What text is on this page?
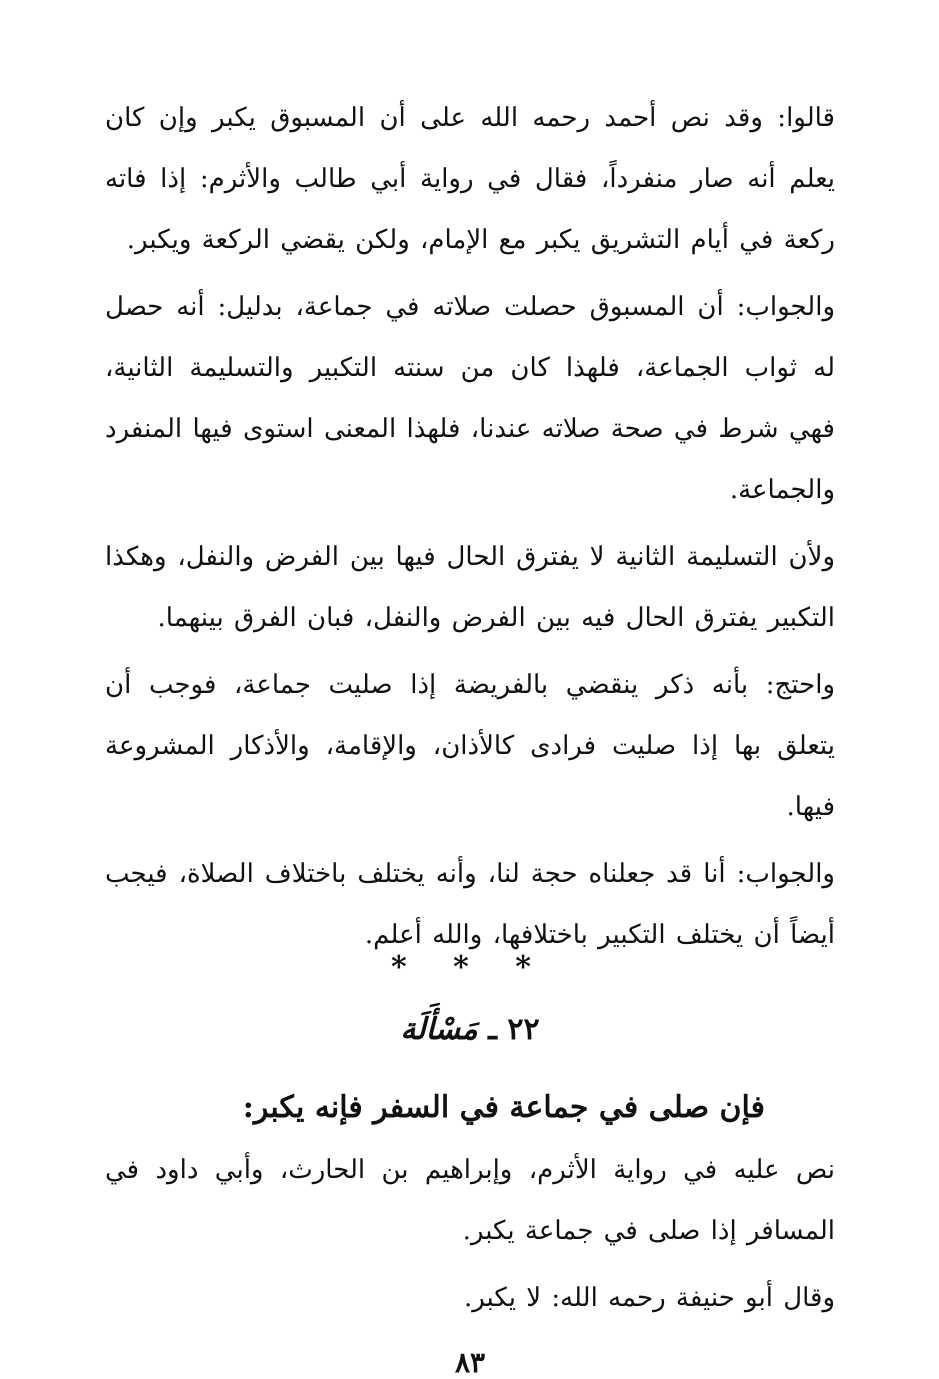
قالوا: وقد نص أحمد رحمه الله على أن المسبوق يكبر وإن كان يعلم أنه صار منفرداً، فقال في رواية أبي طالب والأثرم: إذا فاته ركعة في أيام التشريق يكبر مع الإمام، ولكن يقضي الركعة ويكبر.

والجواب: أن المسبوق حصلت صلاته في جماعة، بدليل: أنه حصل له ثواب الجماعة، فلهذا كان من سنته التكبير والتسليمة الثانية، فهي شرط في صحة صلاته عندنا، فلهذا المعنى استوى فيها المنفرد والجماعة.

ولأن التسليمة الثانية لا يفترق الحال فيها بين الفرض والنفل، وهكذا التكبير يفترق الحال فيه بين الفرض والنفل، فبان الفرق بينهما.

واحتج: بأنه ذكر ينقضي بالفريضة إذا صليت جماعة، فوجب أن يتعلق بها إذا صليت فرادى كالأذان، والإقامة، والأذكار المشروعة فيها.

والجواب: أنا قد جعلناه حجة لنا، وأنه يختلف باختلاف الصلاة، فيجب أيضاً أن يختلف التكبير باختلافها، والله أعلم.

* * *
٢٢ ـ مَسْأَلَة
فإن صلى في جماعة في السفر فإنه يكبر:

نص عليه في رواية الأثرم، وإبراهيم بن الحارث، وأبي داود في المسافر إذا صلى في جماعة يكبر.

وقال أبو حنيفة رحمه الله: لا يكبر.

٨٣
